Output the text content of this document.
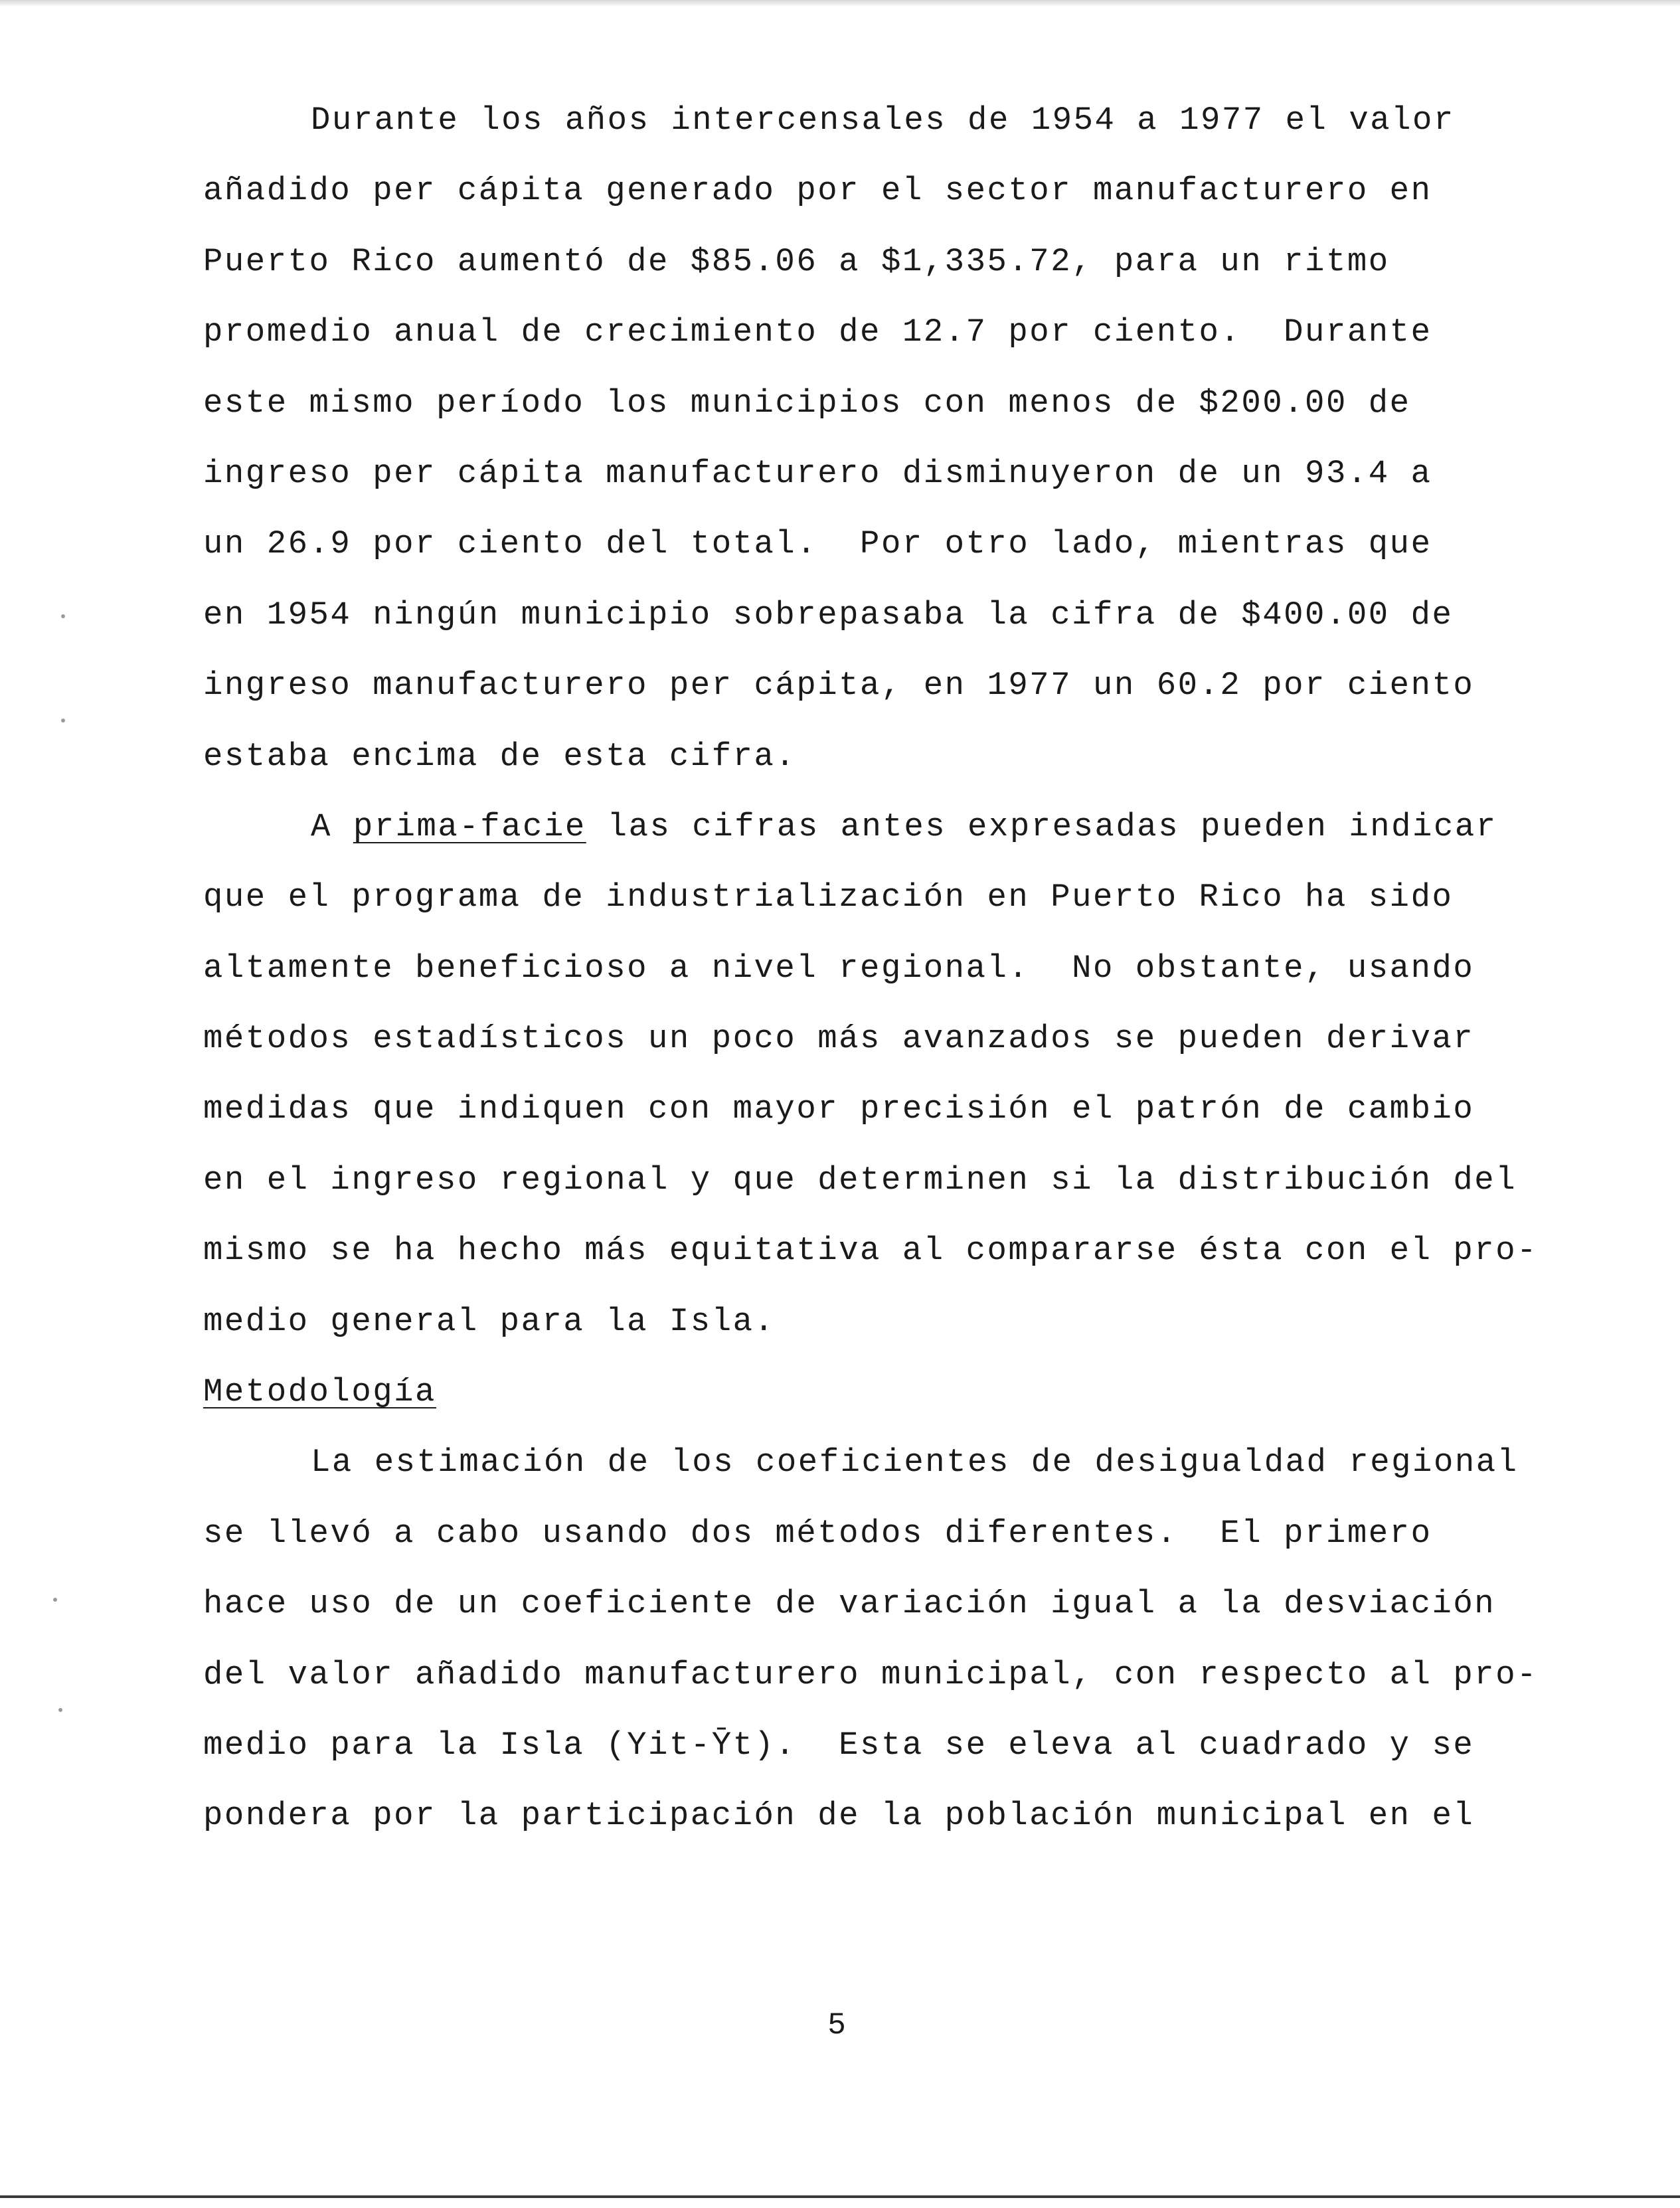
Durante los años intercensales de 1954 a 1977 el valor
añadido per cápita generado por el sector manufacturero en
Puerto Rico aumentó de $85.06 a $1,335.72, para un ritmo
promedio anual de crecimiento de 12.7 por ciento.  Durante
este mismo período los municipios con menos de $200.00 de
ingreso per cápita manufacturero disminuyeron de un 93.4 a
un 26.9 por ciento del total.  Por otro lado, mientras que
en 1954 ningún municipio sobrepasaba la cifra de $400.00 de
ingreso manufacturero per cápita, en 1977 un 60.2 por ciento
estaba encima de esta cifra.
A prima-facie las cifras antes expresadas pueden indicar
que el programa de industrialización en Puerto Rico ha sido
altamente beneficioso a nivel regional.  No obstante, usando
métodos estadísticos un poco más avanzados se pueden derivar
medidas que indiquen con mayor precisión el patrón de cambio
en el ingreso regional y que determinen si la distribución del
mismo se ha hecho más equitativa al compararse ésta con el pro-
medio general para la Isla.
Metodología
La estimación de los coeficientes de desigualdad regional
se llevó a cabo usando dos métodos diferentes.  El primero
hace uso de un coeficiente de variación igual a la desviación
del valor añadido manufacturero municipal, con respecto al pro-
medio para la Isla (Yit-Ȳt).  Esta se eleva al cuadrado y se
pondera por la participación de la población municipal en el
5
